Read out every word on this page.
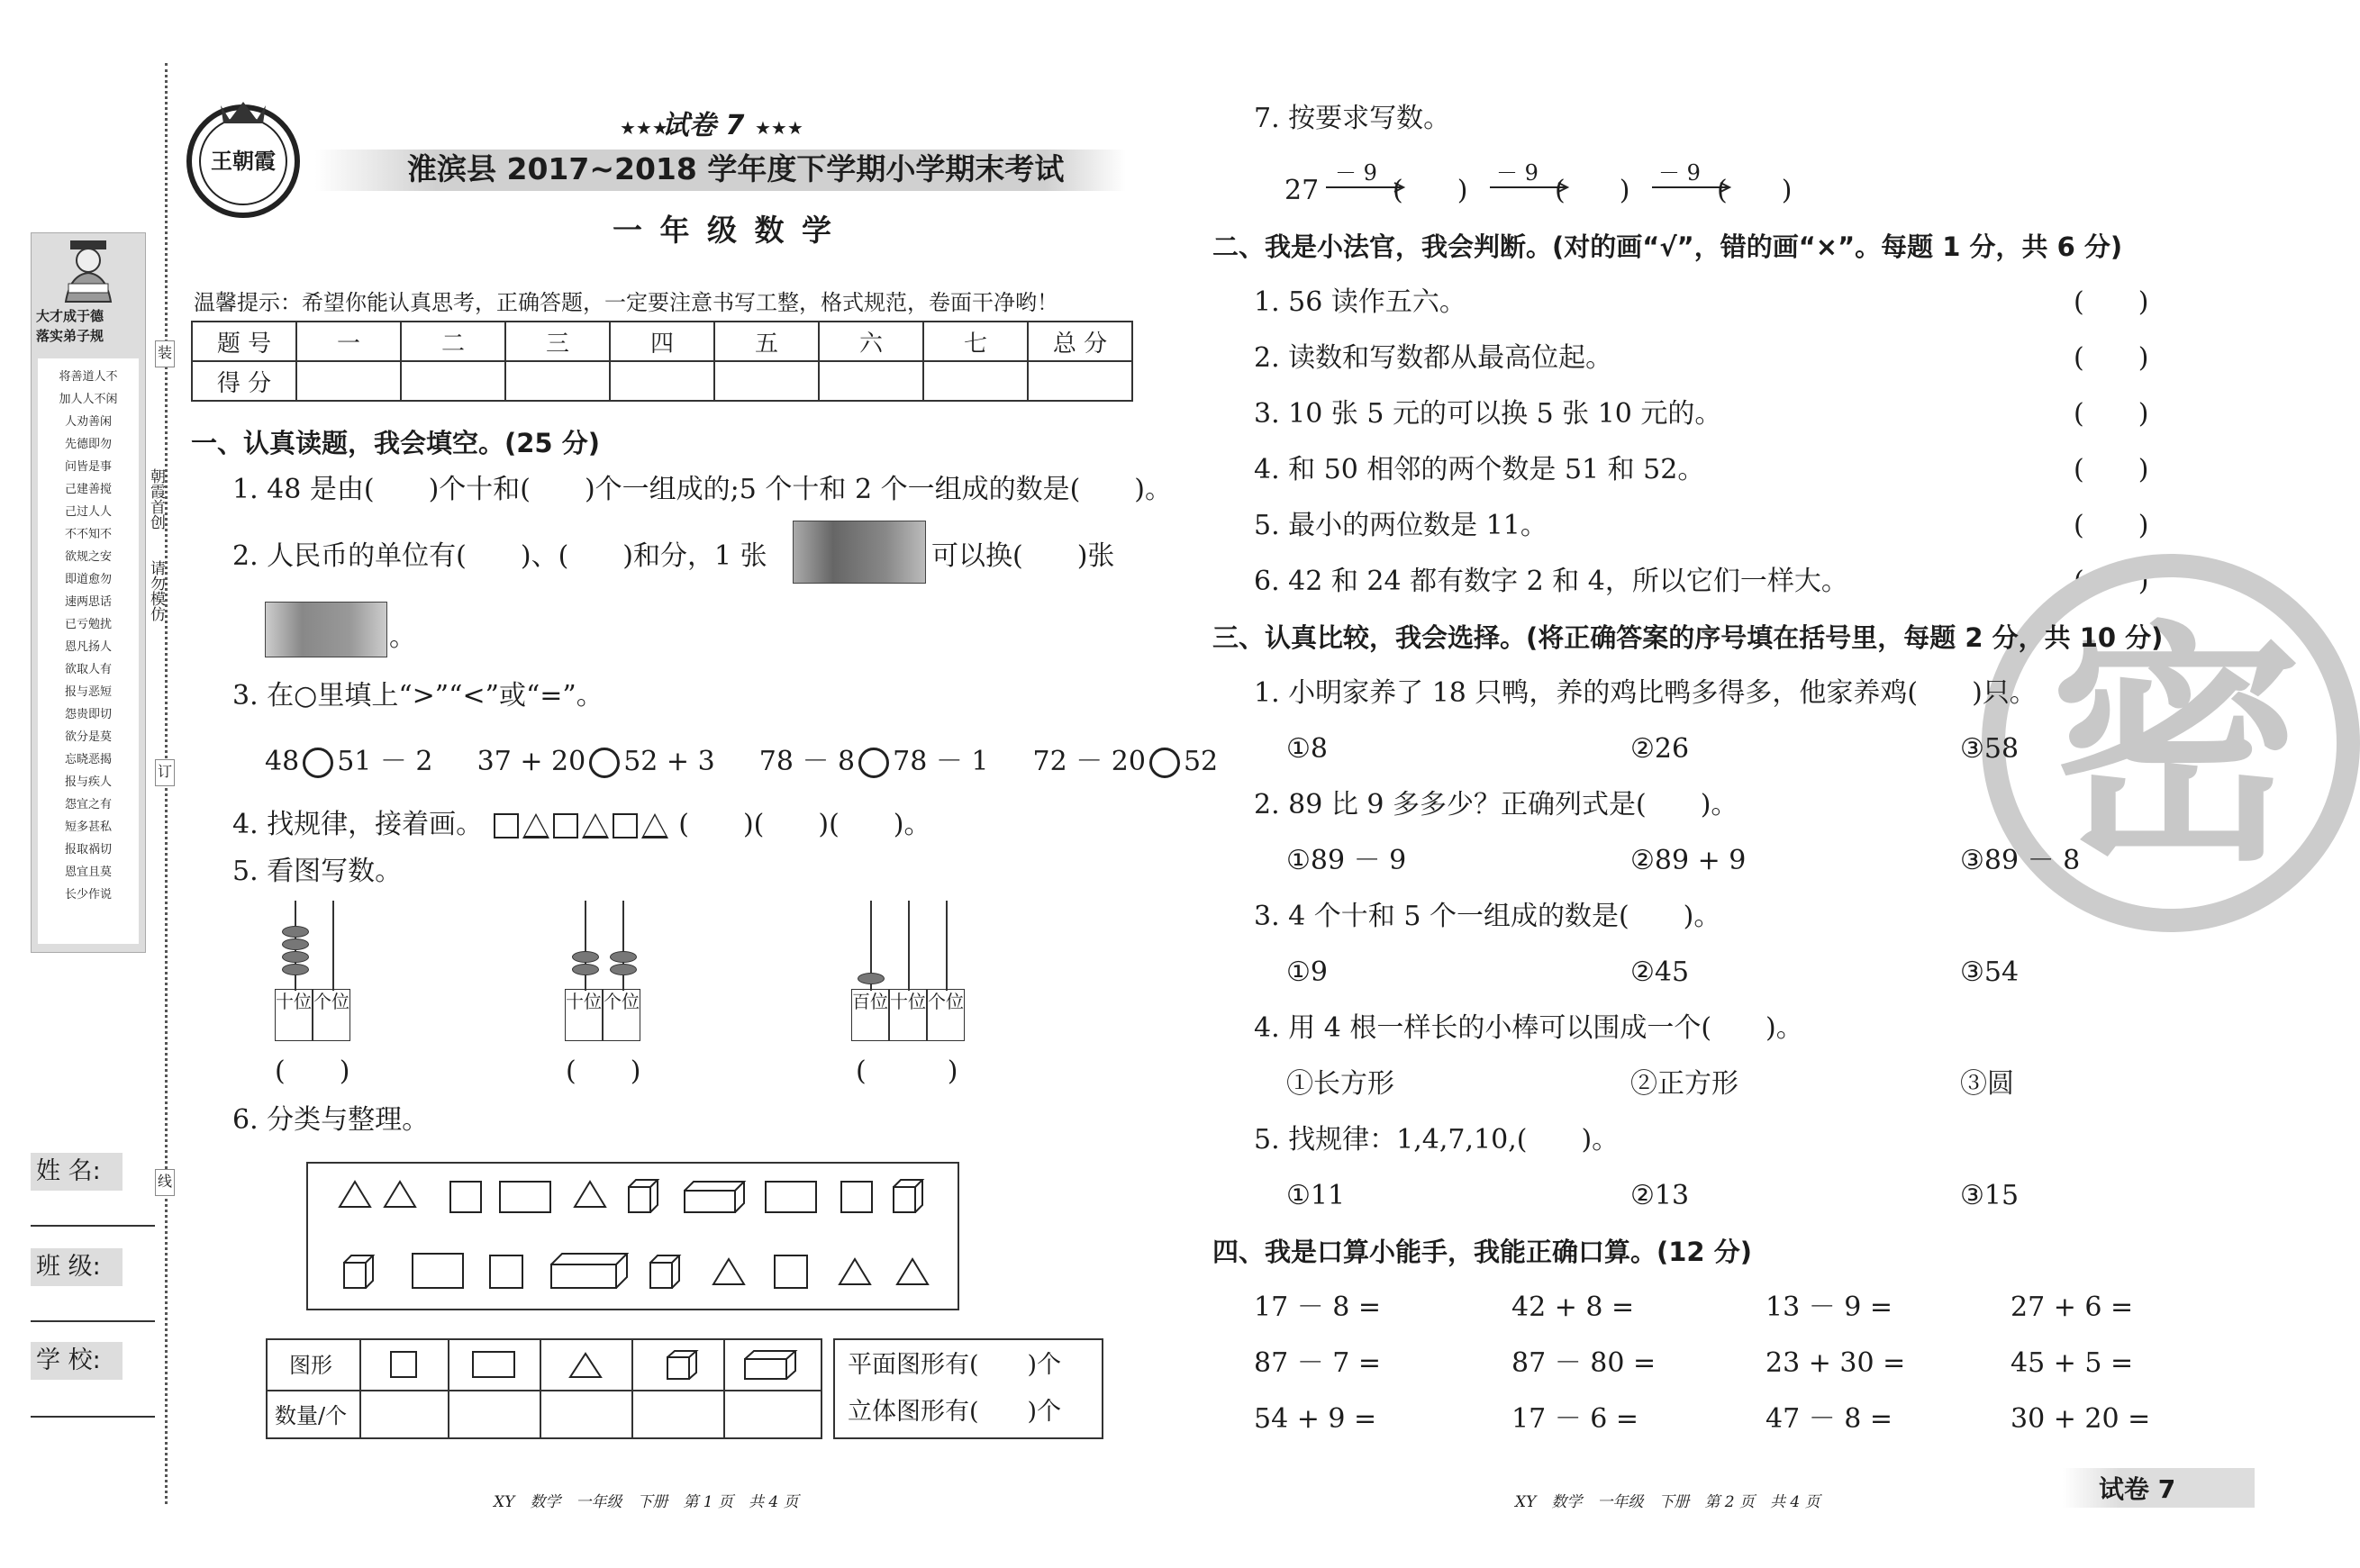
大才成于德
落实弟子规
将善道人不
加人人不闲
人劝善闲
先德即勿
问皆是事
己建善搅
己过人人
不不知不
欲规之安
即道愈勿
速两思话
已亏勉扰
恩凡扬人
欲取人有
报与恶短
怨贵即切
欲分是莫
忘晓恶揭
报与疾人
怨宜之有
短多甚私
报取祸切
恩宜且莫
长少作说
装
订
线
朝霞首创
请勿模仿
姓 名:
班 级:
学 校:
王朝霞
试卷 7
★★★	★★★
淮滨县 2017~2018 学年度下学期小学期末考试
一 年 级 数 学
温馨提示：希望你能认真思考，正确答题，一定要注意书写工整，格式规范，卷面干净哟！
题 号	一	二	三	四	五	六	七	总 分
得 分								
一、认真读题，我会填空。(25 分)
1. 48 是由(　　)个十和(　　)个一组成的;5 个十和 2 个一组成的数是(　　)。
2. 人民币的单位有(　　)、(　　)和分，1 张	可以换(　　)张
。
3. 在○里填上“>”“<”或“=”。
48 51 － 2 37 + 20 52 + 3 78 － 8 78 － 1 72 － 20 52
4. 找规律，接着画。	(　　)(　　)(　　)。
5. 看图写数。
十位 个位
(　　)
十位 个位
(　　)
百位 十位 个位
(　　　)
6. 分类与整理。
图形
数量/个
平面图形有(　　)个
立体图形有(　　)个
XY　数学　一年级　下册　第 1 页　共 4 页
7. 按要求写数。
27
－ 9
(　　)
－ 9
(　　)
－ 9
(　　)
二、我是小法官，我会判断。(对的画“√”，错的画“×”。每题 1 分，共 6 分)
1. 56 读作五六。
2. 读数和写数都从最高位起。
3. 10 张 5 元的可以换 5 张 10 元的。
4. 和 50 相邻的两个数是 51 和 52。
5. 最小的两位数是 11。
6. 42 和 24 都有数字 2 和 4，所以它们一样大。
(　　)
(　　)
(　　)
(　　)
(　　)
(　　)
密
三、认真比较，我会选择。(将正确答案的序号填在括号里，每题 2 分，共 10 分)
1. 小明家养了 18 只鸭，养的鸡比鸭多得多，他家养鸡(　　)只。
①8	②26	③58
2. 89 比 9 多多少？正确列式是(　　)。
①89 － 9	②89 + 9	③89 － 8
3. 4 个十和 5 个一组成的数是(　　)。
①9	②45	③54
4. 用 4 根一样长的小棒可以围成一个(　　)。
①长方形	②正方形	③圆
5. 找规律：1,4,7,10,(　　)。
①11	②13	③15
四、我是口算小能手，我能正确口算。(12 分)
17 － 8 =	42 + 8 =	13 － 9 =	27 + 6 =
87 － 7 =	87 － 80 =	23 + 30 =	45 + 5 =
54 + 9 =	17 － 6 =	47 － 8 =	30 + 20 =
XY　数学　一年级　下册　第 2 页　共 4 页	试卷 7
